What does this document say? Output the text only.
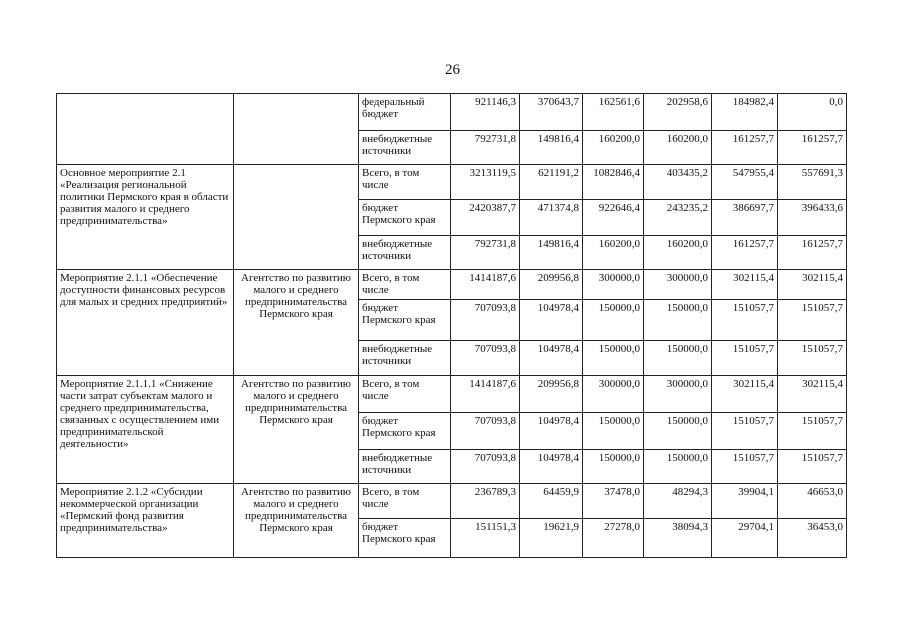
26
		федеральный бюджет	921146,3	370643,7	162561,6	202958,6	184982,4	0,0
		внебюджетные источники	792731,8	149816,4	160200,0	160200,0	161257,7	161257,7
Основное мероприятие 2.1 «Реализация региональной политики Пермского края в области развития малого и среднего предпринимательства»		Всего, в том числе	3213119,5	621191,2	1082846,4	403435,2	547955,4	557691,3
		бюджет Пермского края	2420387,7	471374,8	922646,4	243235,2	386697,7	396433,6
		внебюджетные источники	792731,8	149816,4	160200,0	160200,0	161257,7	161257,7
Мероприятие 2.1.1 «Обеспечение доступности финансовых ресурсов для малых и средних предприятий»	Агентство по развитию малого и среднего предпринимательства Пермского края	Всего, в том числе	1414187,6	209956,8	300000,0	300000,0	302115,4	302115,4
		бюджет Пермского края	707093,8	104978,4	150000,0	150000,0	151057,7	151057,7
		внебюджетные источники	707093,8	104978,4	150000,0	150000,0	151057,7	151057,7
Мероприятие 2.1.1.1 «Снижение части затрат субъектам малого и среднего предпринимательства, связанных с осуществлением ими предпринимательской деятельности»	Агентство по развитию малого и среднего предпринимательства Пермского края	Всего, в том числе	1414187,6	209956,8	300000,0	300000,0	302115,4	302115,4
		бюджет Пермского края	707093,8	104978,4	150000,0	150000,0	151057,7	151057,7
		внебюджетные источники	707093,8	104978,4	150000,0	150000,0	151057,7	151057,7
Мероприятие 2.1.2 «Субсидии некоммерческой организации «Пермский фонд развития предпринимательства»	Агентство по развитию малого и среднего предпринимательства Пермского края	Всего, в том числе	236789,3	64459,9	37478,0	48294,3	39904,1	46653,0
		бюджет Пермского края	151151,3	19621,9	27278,0	38094,3	29704,1	36453,0
